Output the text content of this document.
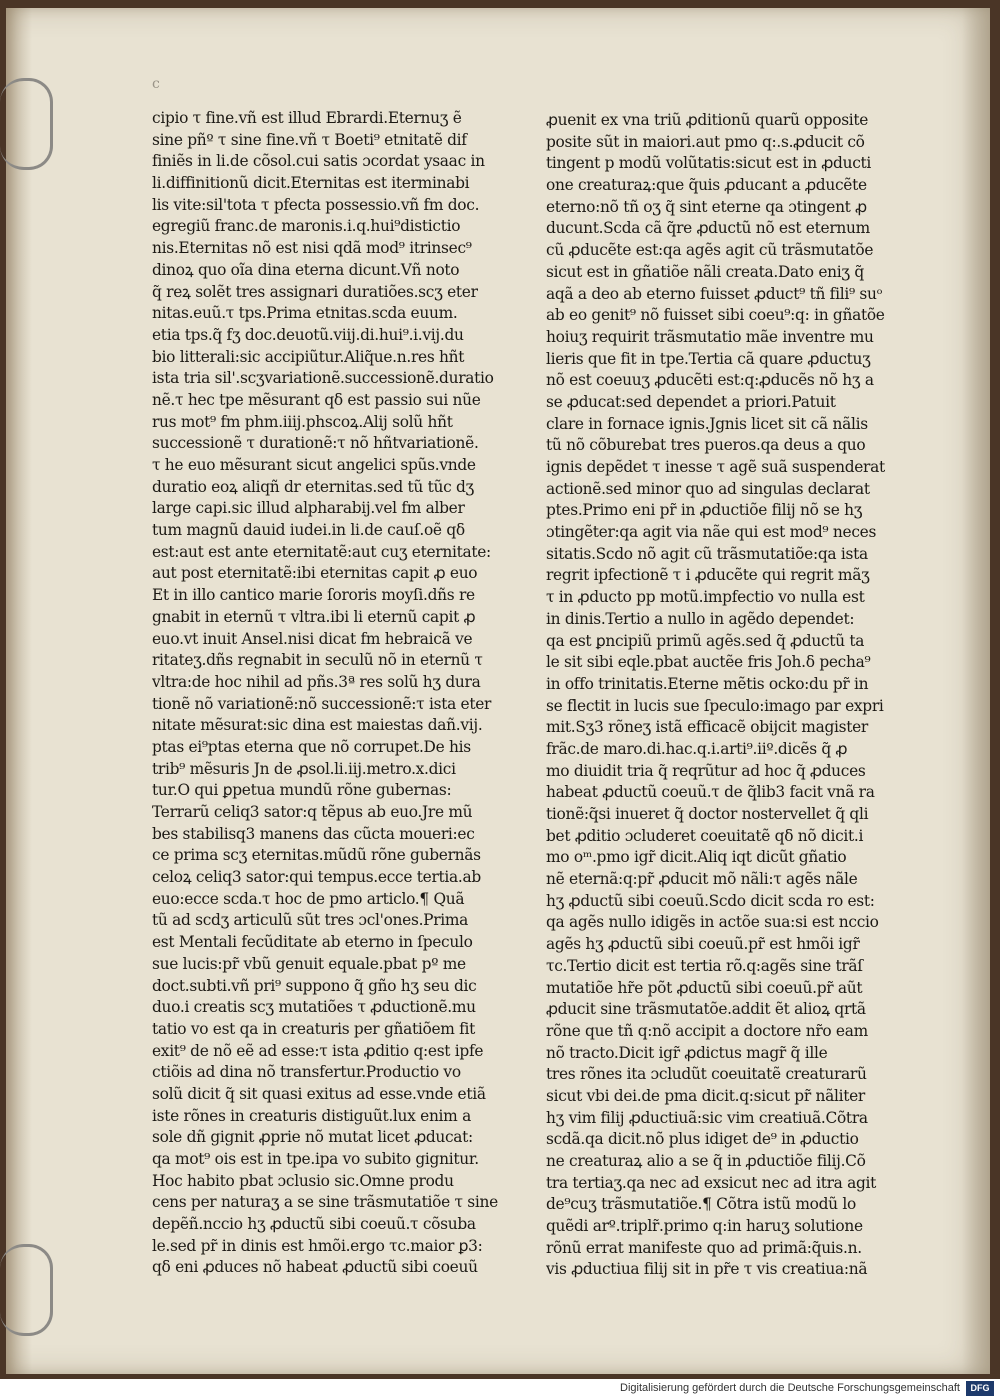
c
cipio τ fine.vñ est illud Ebrardi.Eternuʒ ẽ
sine pñº τ sine fine.vñ τ Boeti⁹ etnitatẽ dif
finiẽs in li.de cõsol.cui satis ɔcordat ysaac in
li.diffinitionũ dicit.Eternitas est iterminabi
lis vite:sil'tota τ pfecta possessio.vñ fm doc.
egregiũ franc.de maronis.i.q.hui⁹distictio
nis.Eternitas nõ est nisi qdã mod⁹ itrinsec⁹
dinoꝝ quo oĩa dina eterna dicunt.Vñ noto
q̃ reꝝ solẽt tres assignari duratiões.scʒ eter
nitas.euũ.τ tps.Prima etnitas.scda euum.
etia tps.q̃ fʒ doc.deuotũ.viij.di.hui⁹.i.vij.du
bio litterali:sic accipiũtur.Aliq̃ue.n.res hñt
ista tria sil'.scʒvariationẽ.successionẽ.duratio
nẽ.τ hec tpe mẽsurant qδ est passio sui nũe
rus mot⁹ fm phm.iiij.phscoꝝ.Alij solũ hñt
successionẽ τ durationẽ:τ nõ hñtvariationẽ.
τ he euo mẽsurant sicut angelici spũs.vnde
duratio eoꝝ aliqñ dr eternitas.sed tũ tũc dʒ
large capi.sic illud alpharabij.vel fm alber
tum magnũ dauid iudei.in li.de cauſ.oẽ qδ
est:aut est ante eternitatẽ:aut cuʒ eternitate:
aut post eternitatẽ:ibi eternitas capit ꝓ euo
Et in illo cantico marie ſororis moyſi.dñs re
gnabit in eternũ τ vltra.ibi li eternũ capit ꝓ
euo.vt inuit Ansel.nisi dicat fm hebraicã ve
ritateʒ.dñs regnabit in seculũ nõ in eternũ τ
vltra:de hoc nihil ad pñs.3ª res solũ hʒ dura
tionẽ nõ variationẽ:nõ successionẽ:τ ista eter
nitate mẽsurat:sic dina est maiestas dañ.vij.
ptas ei⁹ptas eterna que nõ corrupet.De his
trib⁹ mẽsuris Jn de ꝓsol.li.iij.metro.x.dici
tur.O qui ꝑpetua mundũ rõne gubernas:
Terrarũ celiq3 sator:q tẽpus ab euo.Jre mũ
bes stabilisq3 manens das cũcta moueri:ec
ce prima scʒ eternitas.mũdũ rõne gubernãs
celoꝝ celiq3 sator:qui tempus.ecce tertia.ab
euo:ecce scda.τ hoc de pmo articlo.¶ Quã
tũ ad scdʒ articulũ sũt tres ɔcl'ones.Prima
est Mentali fecũditate ab eterno in ſpeculo
sue lucis:pr̃ vbũ genuit equale.pbat pº me
doct.subti.vñ pri⁹ suppono q̃ gño hʒ seu dic
duo.i creatis scʒ mutatiões τ ꝓductionẽ.mu
tatio vo est qa in creaturis per gñatiõem fit
exit⁹ de nõ eẽ ad esse:τ ista ꝓditio q:est ipfe
ctiõis ad dina nõ transfertur.Productio vo
solũ dicit q̃ sit quasi exitus ad esse.vnde etiã
iste rõnes in creaturis distiguũt.lux enim a
sole dñ gignit ꝓprie nõ mutat licet ꝓducat:
qa mot⁹ ois est in tpe.ipa vo subito gignitur.
Hoc habito pbat ɔclusio sic.Omne produ
cens per naturaʒ a se sine trãsmutatiõe τ sine
depẽñ.nccio hʒ ꝓductũ sibi coeuũ.τ cõsuba
le.sed pr̃ in dinis est hmõi.ergo τc.maior ꝑ3:
qδ eni ꝓduces nõ habeat ꝓductũ sibi coeuũ
ꝓuenit ex vna triũ ꝓditionũ quarũ opposite
posite sũt in maiori.aut pmo q:.s.ꝓducit cõ
tingent p modũ volũtatis:sicut est in ꝓducti
one creaturaꝝ:que q̃uis ꝓducant a ꝓducẽte
eterno:nõ tñ oʒ q̃ sint eterne qa ɔtingent ꝓ
ducunt.Scda cã q̃re ꝓductũ nõ est eternum
cũ ꝓducẽte est:qa agẽs agit cũ trãsmutatõe
sicut est in gñatiõe nãli creata.Dato eniʒ q̃
aqã a deo ab eterno fuisset ꝓduct⁹ tñ fili⁹ suᵒ
ab eo genit⁹ nõ fuisset sibi coeu⁹:q: in gñatõe
hoiuʒ requirit trãsmutatio mãe inventre mu
lieris que fit in tpe.Tertia cã quare ꝓductuʒ
nõ est coeuuʒ ꝓducẽti est:q:ꝓducẽs nõ hʒ a
se ꝓducat:sed dependet a priori.Patuit
clare in fornace ignis.Jgnis licet sit cã nãlis
tũ nõ cõburebat tres pueros.qa deus a quo
ignis depẽdet τ inesse τ agẽ suã suspenderat
actionẽ.sed minor quo ad singulas declarat
ptes.Primo eni pr̃ in ꝓductiõe filij nõ se hʒ
ɔtingẽter:qa agit via nãe qui est mod⁹ neces
sitatis.Scdo nõ agit cũ trãsmutatiõe:qa ista
regrit ipfectionẽ τ i ꝓducẽte qui regrit mãʒ
τ in ꝓducto pp motũ.impfectio vo nulla est
in dinis.Tertio a nullo in agẽdo dependet:
qa est ꝑncipiũ primũ agẽs.sed q̃ ꝓductũ ta
le sit sibi eqle.pbat auctẽe fris Joh.δ pecha⁹
in offo trinitatis.Eterne mẽtis ocko:du pr̃ in
se flectit in lucis sue ſpeculo:imago par expri
mit.Sʒ3 rõneʒ istã efficacẽ obijcit magister
frãc.de maro.di.hac.q.i.arti⁹.iiº.dicẽs q̃ ꝓ
mo diuidit tria q̃ reqrũtur ad hoc q̃ ꝓduces
habeat ꝓductũ coeuũ.τ de q̃lib3 facit vnã ra
tionẽ:q̃si inueret q̃ doctor nostervellet q̃ qli
bet ꝓditio ɔcluderet coeuitatẽ qδ nõ dicit.i
mo oᵐ.pmo igr̃ dicit.Aliq iqt dicũt gñatio
nẽ eternã:q:pr̃ ꝓducit mõ nãli:τ agẽs nãle
hʒ ꝓductũ sibi coeuũ.Scdo dicit scda ro est:
qa agẽs nullo idigẽs in actõe sua:si est nccio
agẽs hʒ ꝓductũ sibi coeuũ.pr̃ est hmõi igr̃
τc.Tertio dicit est tertia rõ.q:agẽs sine trãſ
mutatiõe hr̃e põt ꝓductũ sibi coeuũ.pr̃ aũt
ꝓducit sine trãsmutatõe.addit ẽt alioꝝ qrtã
rõne que tñ q:nõ accipit a doctore nr̃o eam
nõ tracto.Dicit igr̃ ꝓdictus magr̃ q̃ ille
tres rõnes ita ɔcludũt coeuitatẽ creaturarũ
sicut vbi dei.de pma dicit.q:sicut pr̃ nãliter
hʒ vim filij ꝓductiuã:sic vim creatiuã.Cõtra
scdã.qa dicit.nõ plus idiget de⁹ in ꝓductio
ne creaturaꝝ alio a se q̃ in ꝓductiõe filij.Cõ
tra tertiaʒ.qa nec ad exsicut nec ad itra agit
de⁹cuʒ trãsmutatiõe.¶ Cõtra istũ modũ lo
quẽdi arº.triplr̃.primo q:in haruʒ solutione
rõnũ errat manifeste quo ad primã:q̃uis.n.
vis ꝓductiua filij sit in pr̃e τ vis creatiua:nã
Digitalisierung gefördert durch die Deutsche Forschungsgemeinschaft	DFG
